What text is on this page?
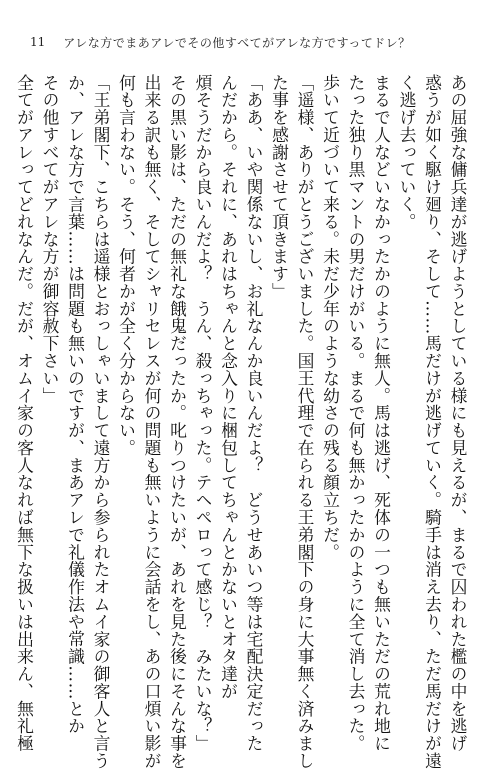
11 アレな方でまあアレでその他すべてがアレな方ですってドレ？
あの屈強な傭兵達が逃げようとしている様にも見えるが、まるで囚われた檻の中を逃げ
惑うが如く駆け廻り、そして……馬だけが逃げていく。騎手は消え去り、ただ馬だけが遠
く逃げ去っていく。
まるで人などいなかったかのように無人。馬は逃げ、死体の一つも無いただの荒れ地に
たった独り黒マントの男だけがいる。まるで何も無かったかのように全て消し去った。
歩いて近づいて来る。未だ少年のような幼さの残る顔立ちだ。
「遥様、ありがとうございました。国王代理で在られる王弟閣下の身に大事無く済みまし
た事を感謝させて頂きます」
「ああ、いや関係ないし、お礼なんか良いんだよ？　どうせあいつ等は宅配決定だった
んだから。それに、あれはちゃんと念入りに梱包してちゃんとかないとオタ達が
煩そうだから良いんだよ？　うん、殺っちゃった。テヘペロって感じ？　みたいな？」
その黒い影は、ただの無礼な餓鬼だったか。叱りつけたいが、あれを見た後にそんな事を
出来る訳も無く、そしてシャリセレスが何の問題も無いように会話をし、あの口煩い影が
何も言わない。そう、何者かが全く分からない。
「王弟閣下、こちらは遥様とおっしゃいまして遠方から参られたオムイ家の御客人と言う
か、アレな方で言葉……は問題も無いのですが、まあアレで礼儀作法や常識……とか
その他すべてがアレな方が御容赦下さい」
全てがアレってどれなんだ。だが、オムイ家の客人なれば無下な扱いは出来ん、無礼極
